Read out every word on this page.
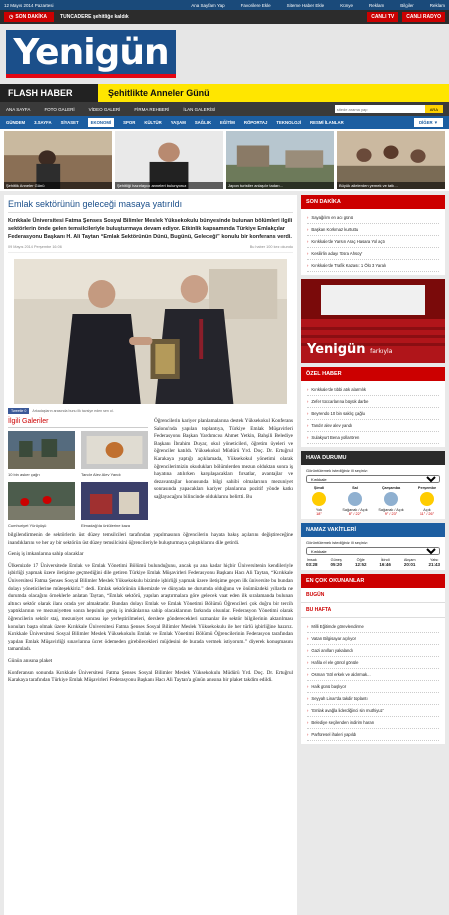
12 Mayıs 2014 Pazartesi	Ana Sayfam Yap	Favorilere Ekle	Siteme Haber Ekle	Künye	Reklam	Bilgiler	Reklam
◷ SON DAKİKA	TUNCADERE şehitliğe kaldık	CANLI TV	CANLI RADYO
Yenigün
FLASH HABER	Şehitlikte Anneler Günü
ANA SAYFA	FOTO GALERİ	VİDEO GALERİ	FİRMA REHBERİ	İLAN GALERİSİ
sitede arama yap	ARA
GÜNDEM 3.SAYFA SİYASET	EKONOMİ	SPOR KÜLTÜR YAŞAM SAĞLIK EĞİTİM RÖPORTAJ TEKNOLOJİ RESMİ İLANLAR	DİĞER ▼
Şehitlik Anneler Günü	Şehitliği hazırlayıcı anneleri bulunyoruz	Japon turistler anlaşılır tadarı...	Büyük ailelerden yemek ve tatlı...
Emlak sektörünün geleceği masaya yatırıldı
Kırıkkale Üniversitesi Fatma Şenses Sosyal Bilimler Meslek Yüksekokulu bünyesinde bulunan bölümleri ilgili sektörlerin önde gelen temsilcileriyle buluşturmaya devam ediyor. Etkinlik kapsamında Türkiye Emlakçılar Federasyonu Başkanı H. Ali Taytan “Emlak Sektörünün Dünü, Bugünü, Geleceği” konulu bir konferans verdi.
09 Mayıs 2014 Perşembe 16:06	Bu haber 100 kez okundu
Tweetle 0	Arkadaşların arasında bunu ilk tavsiye eden sen ol.
İlgili Galeriler
10 bin asker çağrı	Tandır Alev Alev Yandı
Cumhuriyet Yürüyüşü	Elmadağ'da ünlülerine kaza

Öğrencilerin kariyer planlamalarına destek Yüksekokul Konferans Salonu'nda yapılan toplantıya, Türkiye Emlak Müşavirleri Federasyonu Başkan Yardımcısı Ahmet Yetkin, Bahşili Belediye Başkanı İbrahim Duyar, okul yöneticileri, öğretim üyeleri ve öğrenciler katıldı. Yüksekokul Müdürü Yrd. Doç. Dr. Ertuğrul Karakaya yaptığı açıklamada, Yüksekokul yönetimi olarak öğrencilerimizin okudukları bölümlerden mezun olduktan sonra iş hayatına atılırken karşılaşacakları fırsatlar, avantajlar ve dezavantajlar konusunda bilgi sahibi olmalarının mezuniyet sonrasında yapacakları kariyer planlarına pozitif yönde katkı sağlayacağını bilincinde olduklarını belirtti. Bu

bilgilendirmenin de sektörlerin üst düzey temsilcileri tarafından yapılmasının öğrencilerin hayata bakış açılarını değiştireceğine inandıklarını ve her ay bir sektörün üst düzey temsilcisini öğrencileriyle buluşturmaya çalıştıklarını dile getirdi.

Geniş iş imkanlarına sahip olacaklar

Ülkemizde 17 Üniversitede Emlak ve Emlak Yönetimi Bölümü bulunduğunu, ancak şu ana kadar hiçbir Üniversitenin kendileriyle işbirliği yapmak üzere iletişime geçmediğini dile getiren Türkiye Emlak Müşavirleri Federasyonu Başkanı Hacı Ali Taytan, “Kırıkkale Üniversitesi Fatma Şenses Sosyal Bilimler Meslek Yüksekokulu bizimle işbirliği yapmak üzere iletişime geçen ilk üniversite bu bundan dolayı yöneticilerine müteşekkiriz.” dedi. Emlak sektörünün ülkemizde ve dünyada ne durumda olduğunu ve önümüzdeki yıllarda ne durumda olacağını örneklerle anlatan Taytan, “Emlak sektörü, yapılan araştırmalara göre gelecek vaat eden ilk sıralamanda bulunan altıncı sektör olarak ilanı orada yer almaktadır. Bundan dolayı Emlak ve Emlak Yönetimi Bölümü Öğrencileri çok doğru bir tercih yaptıklarının ve mezuniyetten sonra hepsinin geniş iş imkânlarına sahip olacaklarının farkında olsunlar. Federasyon Yönetimi olarak öğrencilerin sektör staj, mezuniyet sonrası işe yerleştirilmeleri, derslere gönderecekleri uzmanlar ile sektör bilgilerinin aktarılması konuları başta olmak üzere Kırıkkale Üniversitesi Fatma Şenses Sosyal Bilimler Meslek Yüksekokulu ile her türlü işbirliğine hazırız. Kırıkkale Üniversitesi Sosyal Bilimler Meslek Yüksekokulu Emlak ve Emlak Yönetimi Bölümü Öğrencilerinin Federasyon tarafından yapılan Emlak Müşavirliği sınavlarına ücret ödemeden girebilecekleri müjdesini de burada vermek istiyorum.” diyerek konuşmasını tamamladı.

Günün anısına plaket

Konferansın sonunda Kırıkkale Üniversitesi Fatma Şenses Sosyal Bilimler Meslek Yüksekokulu Müdürü Yrd. Doç. Dr. Ertuğrul Karakaya tarafından Türkiye Emlak Müşavirleri Federasyonu Başkanı Hacı Ali Taytan'a günün anısına bir plaket takdim edildi.

SON DAKİKA
› Sayağılım en acı günü
› Başkan Korkmaz kurtuttu
› Kırıkkale'de Yarsın Araç Hasara Yol açtı
› Kesilirlin adayı 'Esra Ahsoy'
› Kırıkkale'de Trafik Kazası: 1 Ölü 3 Yaralı
Yenigün farkıyla
ÖZEL HABER
› Kırıkkale'de tıbbi atık alarmlık
› Zefer tüccarlarına büyük darbe
› Beyrendo 10 bin saklıç çağlu
› Tandır alev alev yandı
› Sulakyurt Bena yollarören
HAVA DURUMU
Görüntülemek istediğiniz ili seçiniz:
Kırıkkale
Şimdi
Yok
18°
Sal
Sağanak / Açık
8° / 22°
Çarşamba
Sağanak / Açık
9° / 23°
Perşembe
Açık
11° / 26°
NAMAZ VAKİTLERİ
Görüntülemek istediğiniz ili seçiniz:
Kırıkkale
Imsak
03:28
Güneş
05:20
Öğle
12:52
İkindi
16:46
Akşam
20:01
Yatsı
21:43
EN ÇOK OKUNANLAR
BUGÜN
BU HAFTA
› Milli Eğitimde görevlendirme
› Vatan Bilgisayar açılıyor
› Gazi anılları yakalandı
› Hafila el ele gönül gönüle
› Osman 'Söl erkek ve aldırmak...
› Halk günü başlıyor
› Seyyah Linar'da takdir toplantı
› 'Emlak avağla liderdiğinci sin muthiyuz'
› Belediye seçilenden indirim haran
› Parfüresel ihaleri yapıldı
